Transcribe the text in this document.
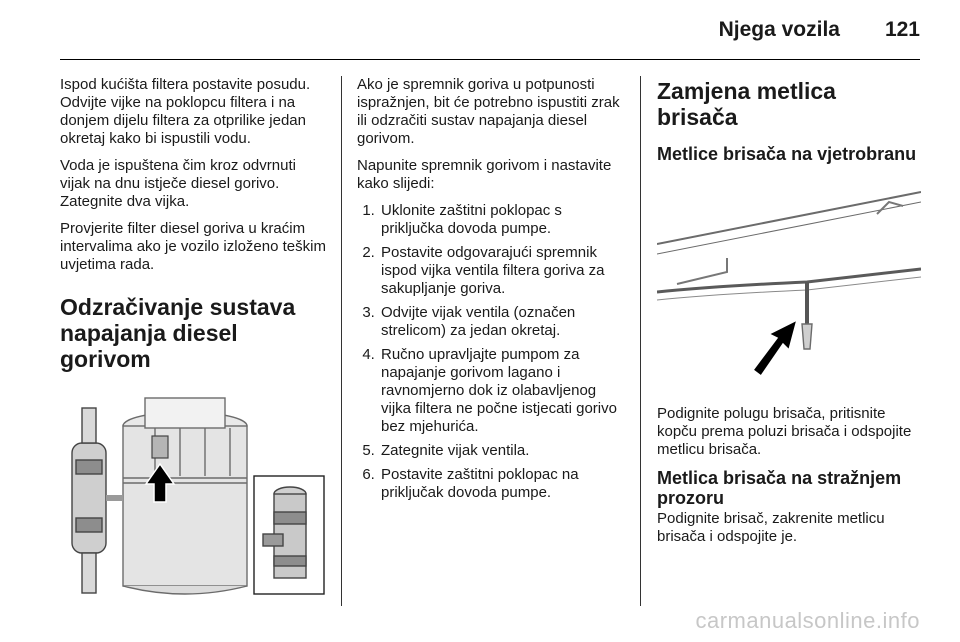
Njega vozila 121

Ispod kućišta filtera postavite posudu. Odvijte vijke na poklopcu filtera i na donjem dijelu filtera za otprilike jedan okretaj kako bi ispustili vodu.

Voda je ispuštena čim kroz odvrnuti vijak na dnu istječe diesel gorivo. Zategnite dva vijka.

Provjerite filter diesel goriva u kraćim intervalima ako je vozilo izloženo teškim uvjetima rada.

Odzračivanje sustava napajanja diesel gorivom

Ako je spremnik goriva u potpunosti ispražnjen, bit će potrebno ispustiti zrak ili odzračiti sustav napajanja diesel gorivom.

Napunite spremnik gorivom i nastavite kako slijedi:

1. Uklonite zaštitni poklopac s priključka dovoda pumpe.
2. Postavite odgovarajući spremnik ispod vijka ventila filtera goriva za sakupljanje goriva.
3. Odvijte vijak ventila (označen strelicom) za jedan okretaj.
4. Ručno upravljajte pumpom za napajanje gorivom lagano i ravnomjerno dok iz olabavljenog vijka filtera ne počne istjecati gorivo bez mjehurića.
5. Zategnite vijak ventila.
6. Postavite zaštitni poklopac na priključak dovoda pumpe.
Zamjena metlica brisača
Metlice brisača na vjetrobranu

Podignite polugu brisača, pritisnite kopču prema poluzi brisača i odspojite metlicu brisača.

Metlica brisača na stražnjem prozoru

Podignite brisač, zakrenite metlicu brisača i odspojite je.

carmanualsonline.info
